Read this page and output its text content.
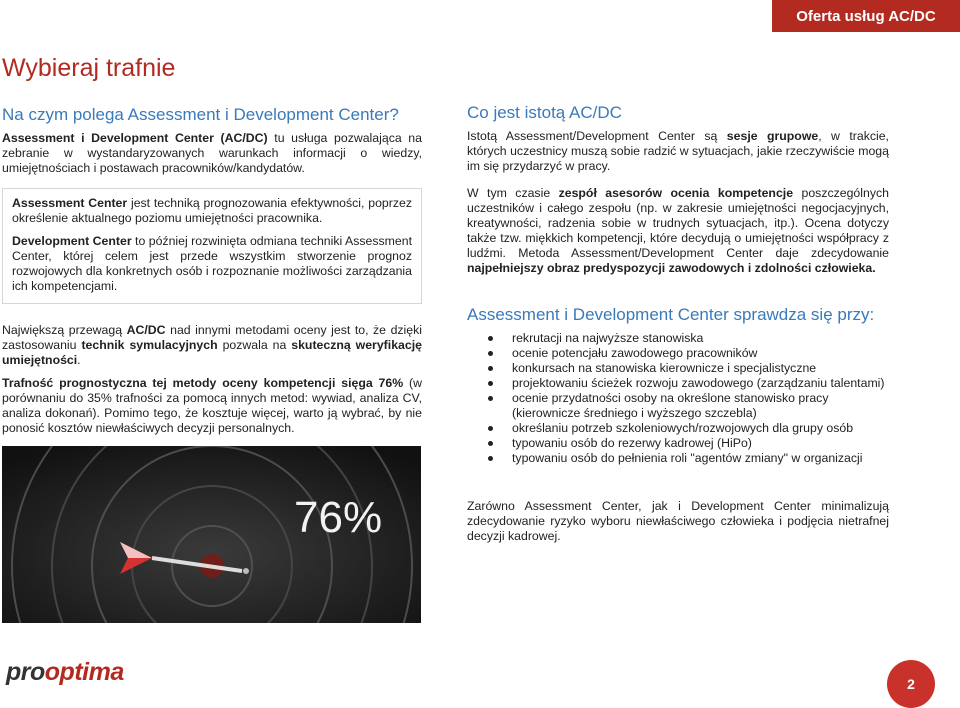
Oferta usług AC/DC
Wybieraj trafnie
Na czym polega Assessment i Development Center?

Assessment i Development Center (AC/DC) tu usługa pozwalająca na zebranie w wystandaryzowanych warunkach informacji o wiedzy, umiejętnościach i postawach pracowników/kandydatów.

Assessment Center jest techniką prognozowania efektywności, poprzez określenie aktualnego poziomu umiejętności pracownika.

Development Center to później rozwinięta odmiana techniki Assessment Center, której celem jest przede wszystkim stworzenie prognoz rozwojowych dla konkretnych osób i rozpoznanie możliwości zarządzania ich kompetencjami.

Największą przewagą AC/DC nad innymi metodami oceny jest to, że dzięki zastosowaniu technik symulacyjnych pozwala na skuteczną weryfikację umiejętności.

Trafność prognostyczna tej metody oceny kompetencji sięga 76% (w porównaniu do 35% trafności za pomocą innych metod: wywiad, analiza CV, analiza dokonań). Pomimo tego, że kosztuje więcej, warto ją wybrać, by nie ponosić kosztów niewłaściwych decyzji personalnych.

76%
Co jest istotą AC/DC

Istotą Assessment/Development Center są sesje grupowe, w trakcie, których uczestnicy muszą sobie radzić w sytuacjach, jakie rzeczywiście mogą im się przydarzyć w pracy.

W tym czasie zespół asesorów ocenia kompetencje poszczególnych uczestników i całego zespołu (np. w zakresie umiejętności negocjacyjnych, kreatywności, radzenia sobie w trudnych sytuacjach, itp.). Ocena dotyczy także tzw. miękkich kompetencji, które decydują o umiejętności współpracy z ludźmi. Metoda Assessment/Development Center daje zdecydowanie najpełniejszy obraz predyspozycji zawodowych i zdolności człowieka.

Assessment i Development Center sprawdza się przy:
rekrutacji na najwyższe stanowiska
ocenie potencjału zawodowego pracowników
konkursach na stanowiska kierownicze i specjalistyczne
projektowaniu ścieżek rozwoju zawodowego (zarządzaniu talentami)
ocenie przydatności osoby na określone stanowisko pracy (kierownicze średniego i wyższego szczebla)
określaniu potrzeb szkoleniowych/rozwojowych dla grupy osób
typowaniu osób do rezerwy kadrowej (HiPo)
typowaniu osób do pełnienia roli "agentów zmiany" w organizacji

Zarówno Assessment Center, jak i Development Center minimalizują zdecydowanie ryzyko wyboru niewłaściwego człowieka i podjęcia nietrafnej decyzji kadrowej.

prooptima	2
